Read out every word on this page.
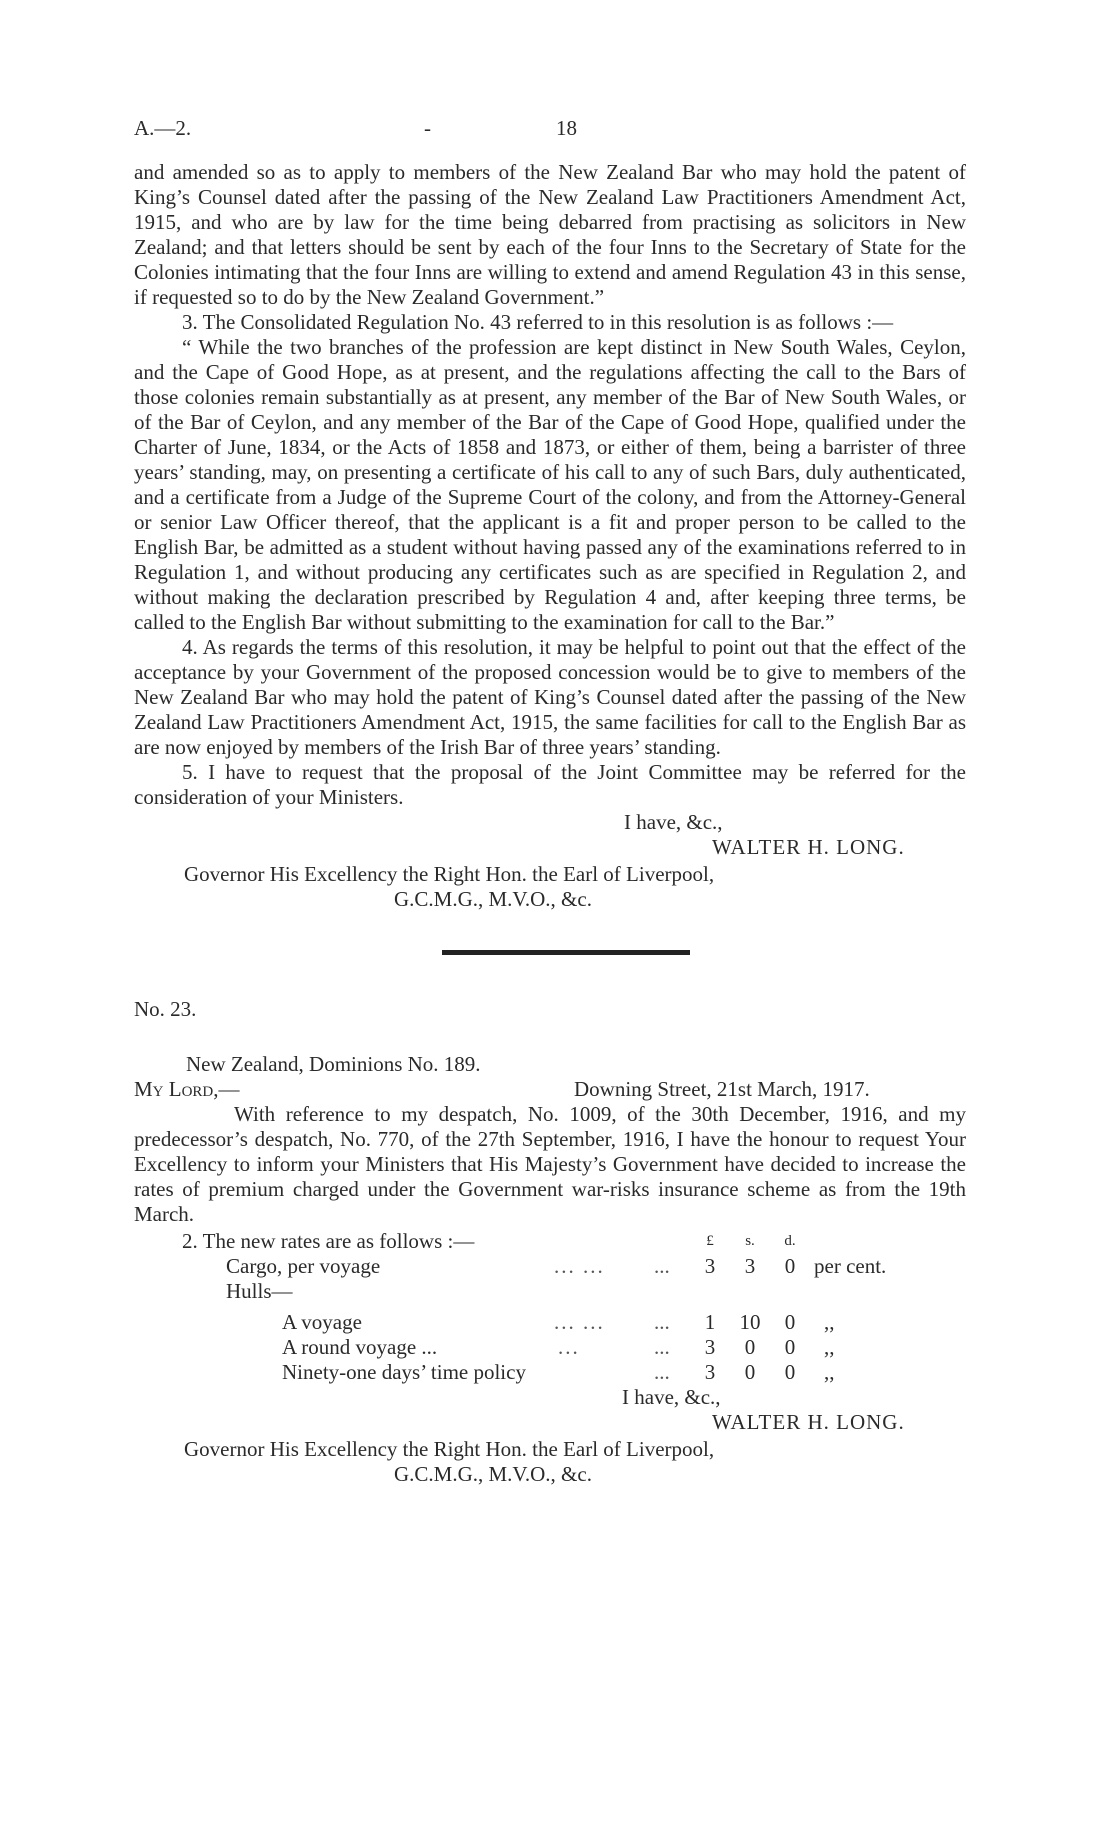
A.—2.	-	18

and amended so as to apply to members of the New Zealand Bar who may hold the patent of King’s Counsel dated after the passing of the New Zealand Law Practitioners Amendment Act, 1915, and who are by law for the time being debarred from practising as solicitors in New Zealand; and that letters should be sent by each of the four Inns to the Secretary of State for the Colonies intimating that the four Inns are willing to extend and amend Regulation 43 in this sense, if requested so to do by the New Zealand Government.”

3. The Consolidated Regulation No. 43 referred to in this resolution is as follows :—

“ While the two branches of the profession are kept distinct in New South Wales, Ceylon, and the Cape of Good Hope, as at present, and the regulations affecting the call to the Bars of those colonies remain substantially as at present, any member of the Bar of New South Wales, or of the Bar of Ceylon, and any member of the Bar of the Cape of Good Hope, qualified under the Charter of June, 1834, or the Acts of 1858 and 1873, or either of them, being a barrister of three years’ standing, may, on presenting a certificate of his call to any of such Bars, duly authenticated, and a certificate from a Judge of the Supreme Court of the colony, and from the Attorney-General or senior Law Officer thereof, that the applicant is a fit and proper person to be called to the English Bar, be admitted as a student without having passed any of the examinations referred to in Regulation 1, and without producing any certificates such as are specified in Regulation 2, and without making the declaration prescribed by Regulation 4 and, after keeping three terms, be called to the English Bar without submitting to the examination for call to the Bar.”

4. As regards the terms of this resolution, it may be helpful to point out that the effect of the acceptance by your Government of the proposed concession would be to give to members of the New Zealand Bar who may hold the patent of King’s Counsel dated after the passing of the New Zealand Law Practitioners Amendment Act, 1915, the same facilities for call to the English Bar as are now enjoyed by members of the Irish Bar of three years’ standing.

5. I have to request that the proposal of the Joint Committee may be referred for the consideration of your Ministers.

I have, &c.,

WALTER H. LONG.

Governor His Excellency the Right Hon. the Earl of Liverpool,

G.C.M.G., M.V.O., &c.

No. 23.

New Zealand, Dominions No. 189.

My Lord,—	Downing Street, 21st March, 1917.

With reference to my despatch, No. 1009, of the 30th December, 1916, and my predecessor’s despatch, No. 770, of the 27th September, 1916, I have the honour to request Your Excellency to inform your Ministers that His Majesty’s Government have decided to increase the rates of premium charged under the Government war-risks insurance scheme as from the 19th March.

2. The new rates are as follows :—	£ s. d.
Cargo, per voyage	... ... ...	3 3 0 per cent.
Hulls—
A voyage	... ... ...	1 10 0	,,
A round voyage ...	...	...	3 0 0	,,
Ninety-one days’ time policy	...	3 0 0	,,

I have, &c.,

WALTER H. LONG.

Governor His Excellency the Right Hon. the Earl of Liverpool,

G.C.M.G., M.V.O., &c.
